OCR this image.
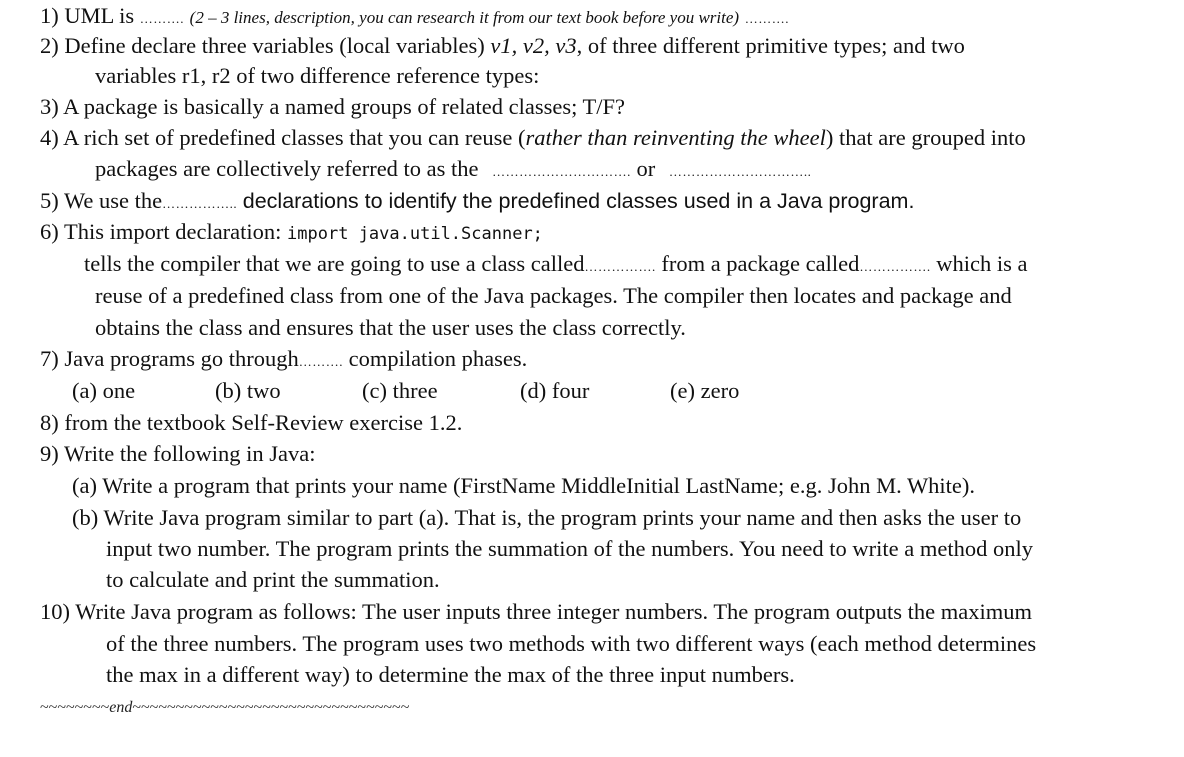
1) UML is ………. (2 – 3 lines, description, you can research it from our text book before you write) ……….
2) Define declare three variables (local variables) v1, v2, v3, of three different primitive types; and two
variables r1, r2 of two difference reference types:
3) A package is basically a named groups of related classes; T/F?
4) A rich set of predefined classes that you can reuse (rather than reinventing the wheel) that are grouped into
packages are collectively referred to as the …………………………. or …………………………..
5) We use the…………….. declarations to identify the predefined classes used in a Java program.
6) This import declaration: import java.util.Scanner;
tells the compiler that we are going to use a class called……………. from a package called……………. which is a
reuse of a predefined class from one of the Java packages. The compiler then locates and package and
obtains the class and ensures that the user uses the class correctly.
7) Java programs go through………. compilation phases.
(a) one	(b) two	(c) three	(d) four	(e) zero
8) from the textbook Self-Review exercise 1.2.
9) Write the following in Java:
(a) Write a program that prints your name (FirstName MiddleInitial LastName; e.g. John M. White).
(b) Write Java program similar to part (a). That is, the program prints your name and then asks the user to
input two number. The program prints the summation of the numbers. You need to write a method only
to calculate and print the summation.
10) Write Java program as follows: The user inputs three integer numbers. The program outputs the maximum
of the three numbers. The program uses two methods with two different ways (each method determines
the max in a different way) to determine the max of the three input numbers.
~~~~~~~~end~~~~~~~~~~~~~~~~~~~~~~~~~~~~~~~~
